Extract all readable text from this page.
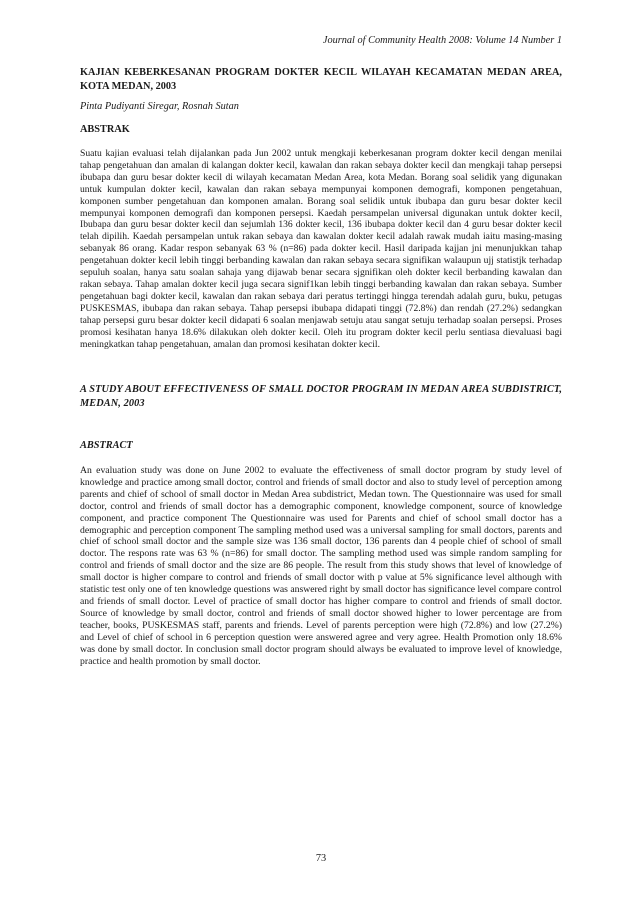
Journal of Community Health 2008: Volume 14 Number 1
KAJIAN KEBERKESANAN PROGRAM DOKTER KECIL WILAYAH KECAMATAN MEDAN AREA, KOTA MEDAN, 2003
Pinta Pudiyanti Siregar, Rosnah Sutan
ABSTRAK

Suatu kajian evaluasi telah dijalankan pada Jun 2002 untuk mengkaji keberkesanan program dokter kecil dengan menilai tahap pengetahuan dan amalan di kalangan dokter kecil, kawalan dan rakan sebaya dokter kecil dan mengkaji tahap persepsi ibubapa dan guru besar dokter kecil di wilayah kecamatan Medan Area, kota Medan. Borang soal selidik yang digunakan untuk kumpulan dokter kecil, kawalan dan rakan sebaya mempunyai komponen demografi, komponen pengetahuan, komponen sumber pengetahuan dan komponen amalan. Borang soal selidik untuk ibubapa dan guru besar dokter kecil mempunyai komponen demografi dan komponen persepsi. Kaedah persampelan universal digunakan untuk dokter kecil, Ibubapa dan guru besar dokter kecil dan sejumlah 136 dokter kecil, 136 ibubapa dokter kecil dan 4 guru besar dokter kecil telah dipilih. Kaedah persampelan untuk rakan sebaya dan kawalan dokter kecil adalah rawak mudah iaitu masing-masing sebanyak 86 orang. Kadar respon sebanyak 63 % (n=86) pada dokter kecil. Hasil daripada kajjan jni menunjukkan tahap pengetahuan dokter kecil lebih tinggi berbanding kawalan dan rakan sebaya secara signifikan walaupun ujj statistjk terhadap sepuluh soalan, hanya satu soalan sahaja yang dijawab benar secara sjgnifikan oleh dokter kecil berbanding kawalan dan rakan sebaya. Tahap amalan dokter kecil juga secara signif1kan lebih tinggi berbanding kawalan dan rakan sebaya. Sumber pengetahuan bagi dokter kecil, kawalan dan rakan sebaya dari peratus tertinggi hingga terendah adalah guru, buku, petugas PUSKESMAS, ibubapa dan rakan sebaya. Tahap persepsi ibubapa didapati tinggi (72.8%) dan rendah (27.2%) sedangkan tahap persepsi guru besar dokter kecil didapati 6 soalan menjawab setuju atau sangat setuju terhadap soalan persepsi. Proses promosi kesihatan hanya 18.6% dilakukan oleh dokter kecil. Oleh itu program dokter kecil perlu sentiasa dievaluasi bagi meningkatkan tahap pengetahuan, amalan dan promosi kesihatan dokter kecil.

A STUDY ABOUT EFFECTIVENESS OF SMALL DOCTOR PROGRAM IN MEDAN AREA SUBDISTRICT, MEDAN, 2003
ABSTRACT

An evaluation study was done on June 2002 to evaluate the effectiveness of small doctor program by study level of knowledge and practice among small doctor, control and friends of small doctor and also to study level of perception among parents and chief of school of small doctor in Medan Area subdistrict, Medan town. The Questionnaire was used for small doctor, control and friends of small doctor has a demographic component, knowledge component, source of knowledge component, and practice component The Questionnaire was used for Parents and chief of school small doctor has a demographic and perception component The sampling method used was a universal sampling for small doctors, parents and chief of school small doctor and the sample size was 136 small doctor, 136 parents dan 4 people chief of school of small doctor. The respons rate was 63 % (n=86) for small doctor. The sampling method used was simple random sampling for control and friends of small doctor and the size are 86 people. The result from this study shows that level of knowledge of small doctor is higher compare to control and friends of small doctor with p value at 5% significance level although with statistic test only one of ten knowledge questions was answered right by small doctor has significance level compare control and friends of small doctor. Level of practice of small doctor has higher compare to control and friends of small doctor. Source of knowledge by small doctor, control and friends of small doctor showed higher to lower percentage are from teacher, books, PUSKESMAS staff, parents and friends. Level of parents perception were high (72.8%) and low (27.2%) and Level of chief of school in 6 perception question were answered agree and very agree. Health Promotion only 18.6% was done by small doctor. In conclusion small doctor program should always be evaluated to improve level of knowledge, practice and health promotion by small doctor.

73
